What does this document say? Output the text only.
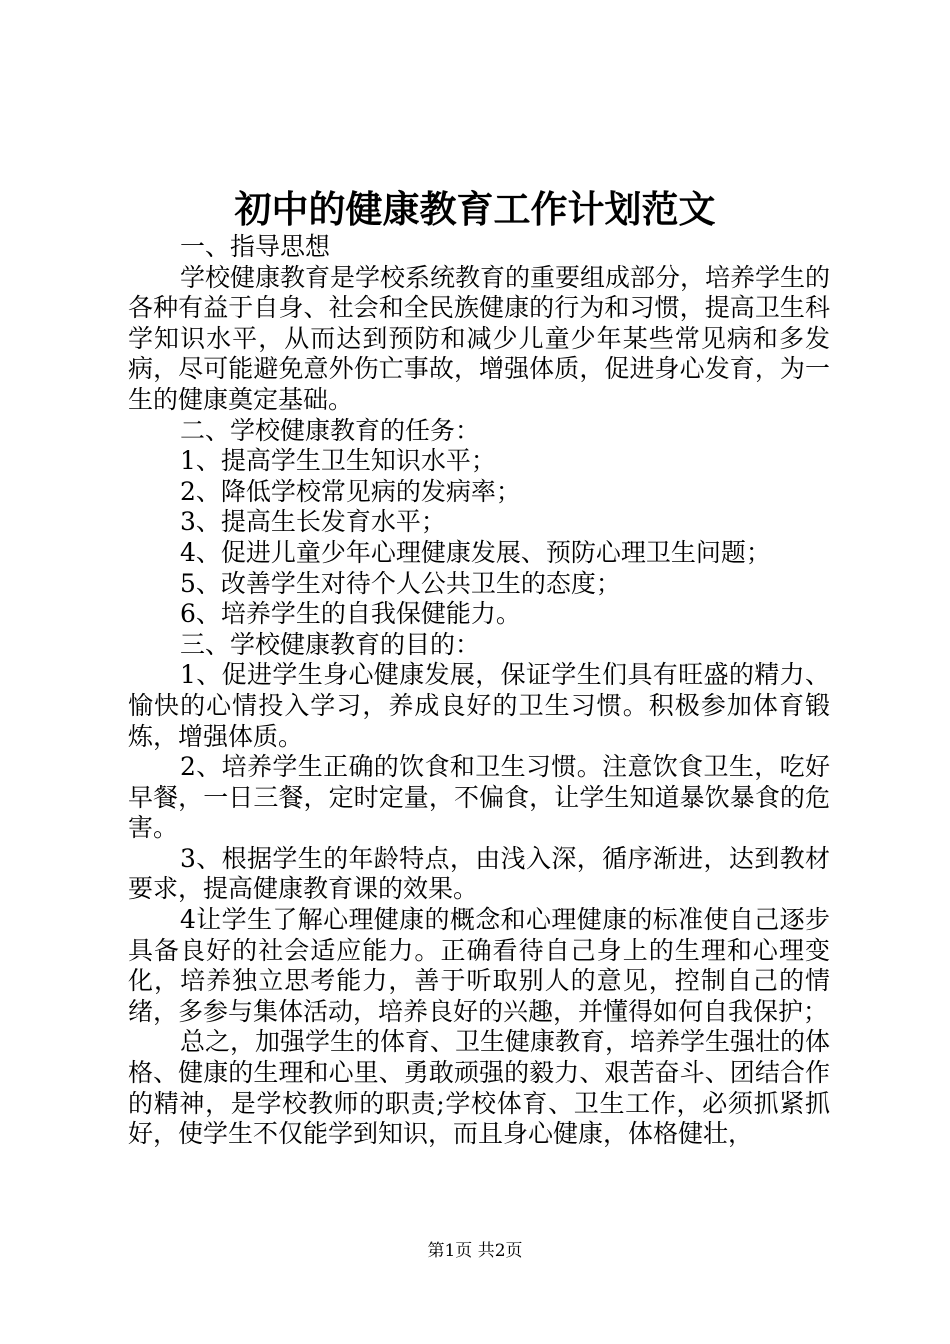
初中的健康教育工作计划范文

一、指导思想

学校健康教育是学校系统教育的重要组成部分，培养学生的各种有益于自身、社会和全民族健康的行为和习惯，提高卫生科学知识水平，从而达到预防和减少儿童少年某些常见病和多发病，尽可能避免意外伤亡事故，增强体质，促进身心发育，为一生的健康奠定基础。

二、学校健康教育的任务：

1、提高学生卫生知识水平；

2、降低学校常见病的发病率；

3、提高生长发育水平；

4、促进儿童少年心理健康发展、预防心理卫生问题；

5、改善学生对待个人公共卫生的态度；

6、培养学生的自我保健能力。

三、学校健康教育的目的：

1、促进学生身心健康发展，保证学生们具有旺盛的精力、愉快的心情投入学习，养成良好的卫生习惯。积极参加体育锻炼，增强体质。

2、培养学生正确的饮食和卫生习惯。注意饮食卫生，吃好早餐，一日三餐，定时定量，不偏食，让学生知道暴饮暴食的危害。

3、根据学生的年龄特点，由浅入深，循序渐进，达到教材要求，提高健康教育课的效果。

4让学生了解心理健康的概念和心理健康的标准使自己逐步具备良好的社会适应能力。正确看待自己身上的生理和心理变化，培养独立思考能力，善于听取别人的意见，控制自己的情绪，多参与集体活动，培养良好的兴趣，并懂得如何自我保护；

总之，加强学生的体育、卫生健康教育，培养学生强壮的体格、健康的生理和心里、勇敢顽强的毅力、艰苦奋斗、团结合作的精神，是学校教师的职责;学校体育、卫生工作，必须抓紧抓好，使学生不仅能学到知识，而且身心健康，体格健壮，

第1页 共2页
